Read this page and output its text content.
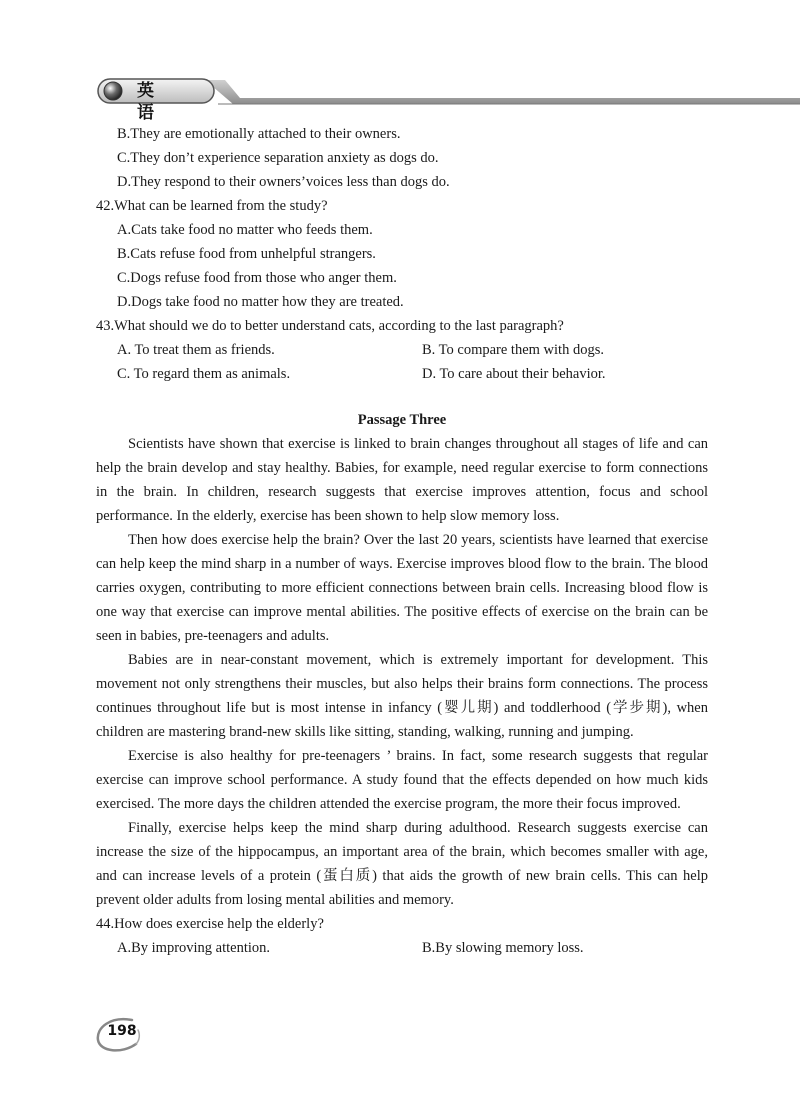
英 语
B.They are emotionally attached to their owners.
C.They don’t experience separation anxiety as dogs do.
D.They respond to their owners’voices less than dogs do.
42.What can be learned from the study?
A.Cats take food no matter who feeds them.
B.Cats refuse food from unhelpful strangers.
C.Dogs refuse food from those who anger them.
D.Dogs take food no matter how they are treated.
43.What should we do to better understand cats, according to the last paragraph?
A. To treat them as friends.	B. To compare them with dogs.
C. To regard them as animals.	D. To care about their behavior.
Passage Three

Scientists have shown that exercise is linked to brain changes throughout all stages of life and can help the brain develop and stay healthy. Babies, for example, need regular exercise to form connections in the brain. In children, research suggests that exercise improves attention, focus and school performance. In the elderly, exercise has been shown to help slow memory loss.

Then how does exercise help the brain? Over the last 20 years, scientists have learned that exercise can help keep the mind sharp in a number of ways. Exercise improves blood flow to the brain. The blood carries oxygen, contributing to more efficient connections between brain cells. Increasing blood flow is one way that exercise can improve mental abilities. The positive effects of exercise on the brain can be seen in babies, pre-teenagers and adults.

Babies are in near-constant movement, which is extremely important for development. This movement not only strengthens their muscles, but also helps their brains form connections. The process continues throughout life but is most intense in infancy (婴儿期) and toddlerhood (学步期), when children are mastering brand-new skills like sitting, standing, walking, running and jumping.

Exercise is also healthy for pre-teenagers ’ brains. In fact, some research suggests that regular exercise can improve school performance. A study found that the effects depended on how much kids exercised. The more days the children attended the exercise program, the more their focus improved.

Finally, exercise helps keep the mind sharp during adulthood. Research suggests exercise can increase the size of the hippocampus, an important area of the brain, which becomes smaller with age, and can increase levels of a protein (蛋白质) that aids the growth of new brain cells. This can help prevent older adults from losing mental abilities and memory.

44.How does exercise help the elderly?
A.By improving attention.	B.By slowing memory loss.
198
